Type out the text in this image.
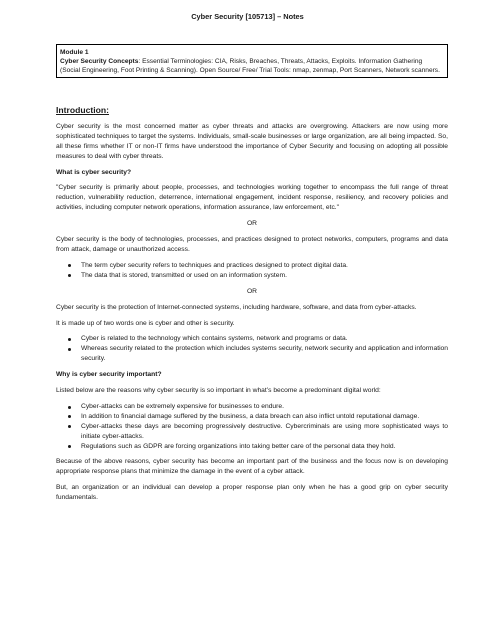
Cyber Security [105713] – Notes
Module 1
Cyber Security Concepts: Essential Terminologies: CIA, Risks, Breaches, Threats, Attacks, Exploits. Information Gathering (Social Engineering, Foot Printing & Scanning). Open Source/ Free/ Trial Tools: nmap, zenmap, Port Scanners, Network scanners.
Introduction:

Cyber security is the most concerned matter as cyber threats and attacks are overgrowing. Attackers are now using more sophisticated techniques to target the systems. Individuals, small-scale businesses or large organization, are all being impacted. So, all these firms whether IT or non-IT firms have understood the importance of Cyber Security and focusing on adopting all possible measures to deal with cyber threats.

What is cyber security?

"Cyber security is primarily about people, processes, and technologies working together to encompass the full range of threat reduction, vulnerability reduction, deterrence, international engagement, incident response, resiliency, and recovery policies and activities, including computer network operations, information assurance, law enforcement, etc."

OR

Cyber security is the body of technologies, processes, and practices designed to protect networks, computers, programs and data from attack, damage or unauthorized access.

The term cyber security refers to techniques and practices designed to protect digital data.
The data that is stored, transmitted or used on an information system.
OR

Cyber security is the protection of Internet-connected systems, including hardware, software, and data from cyber-attacks.

It is made up of two words one is cyber and other is security.

Cyber is related to the technology which contains systems, network and programs or data.
Whereas security related to the protection which includes systems security, network security and application and information security.
Why is cyber security important?

Listed below are the reasons why cyber security is so important in what’s become a predominant digital world:

Cyber-attacks can be extremely expensive for businesses to endure.
In addition to financial damage suffered by the business, a data breach can also inflict untold reputational damage.
Cyber-attacks these days are becoming progressively destructive. Cybercriminals are using more sophisticated ways to initiate cyber-attacks.
Regulations such as GDPR are forcing organizations into taking better care of the personal data they hold.

Because of the above reasons, cyber security has become an important part of the business and the focus now is on developing appropriate response plans that minimize the damage in the event of a cyber attack.

But, an organization or an individual can develop a proper response plan only when he has a good grip on cyber security fundamentals.
